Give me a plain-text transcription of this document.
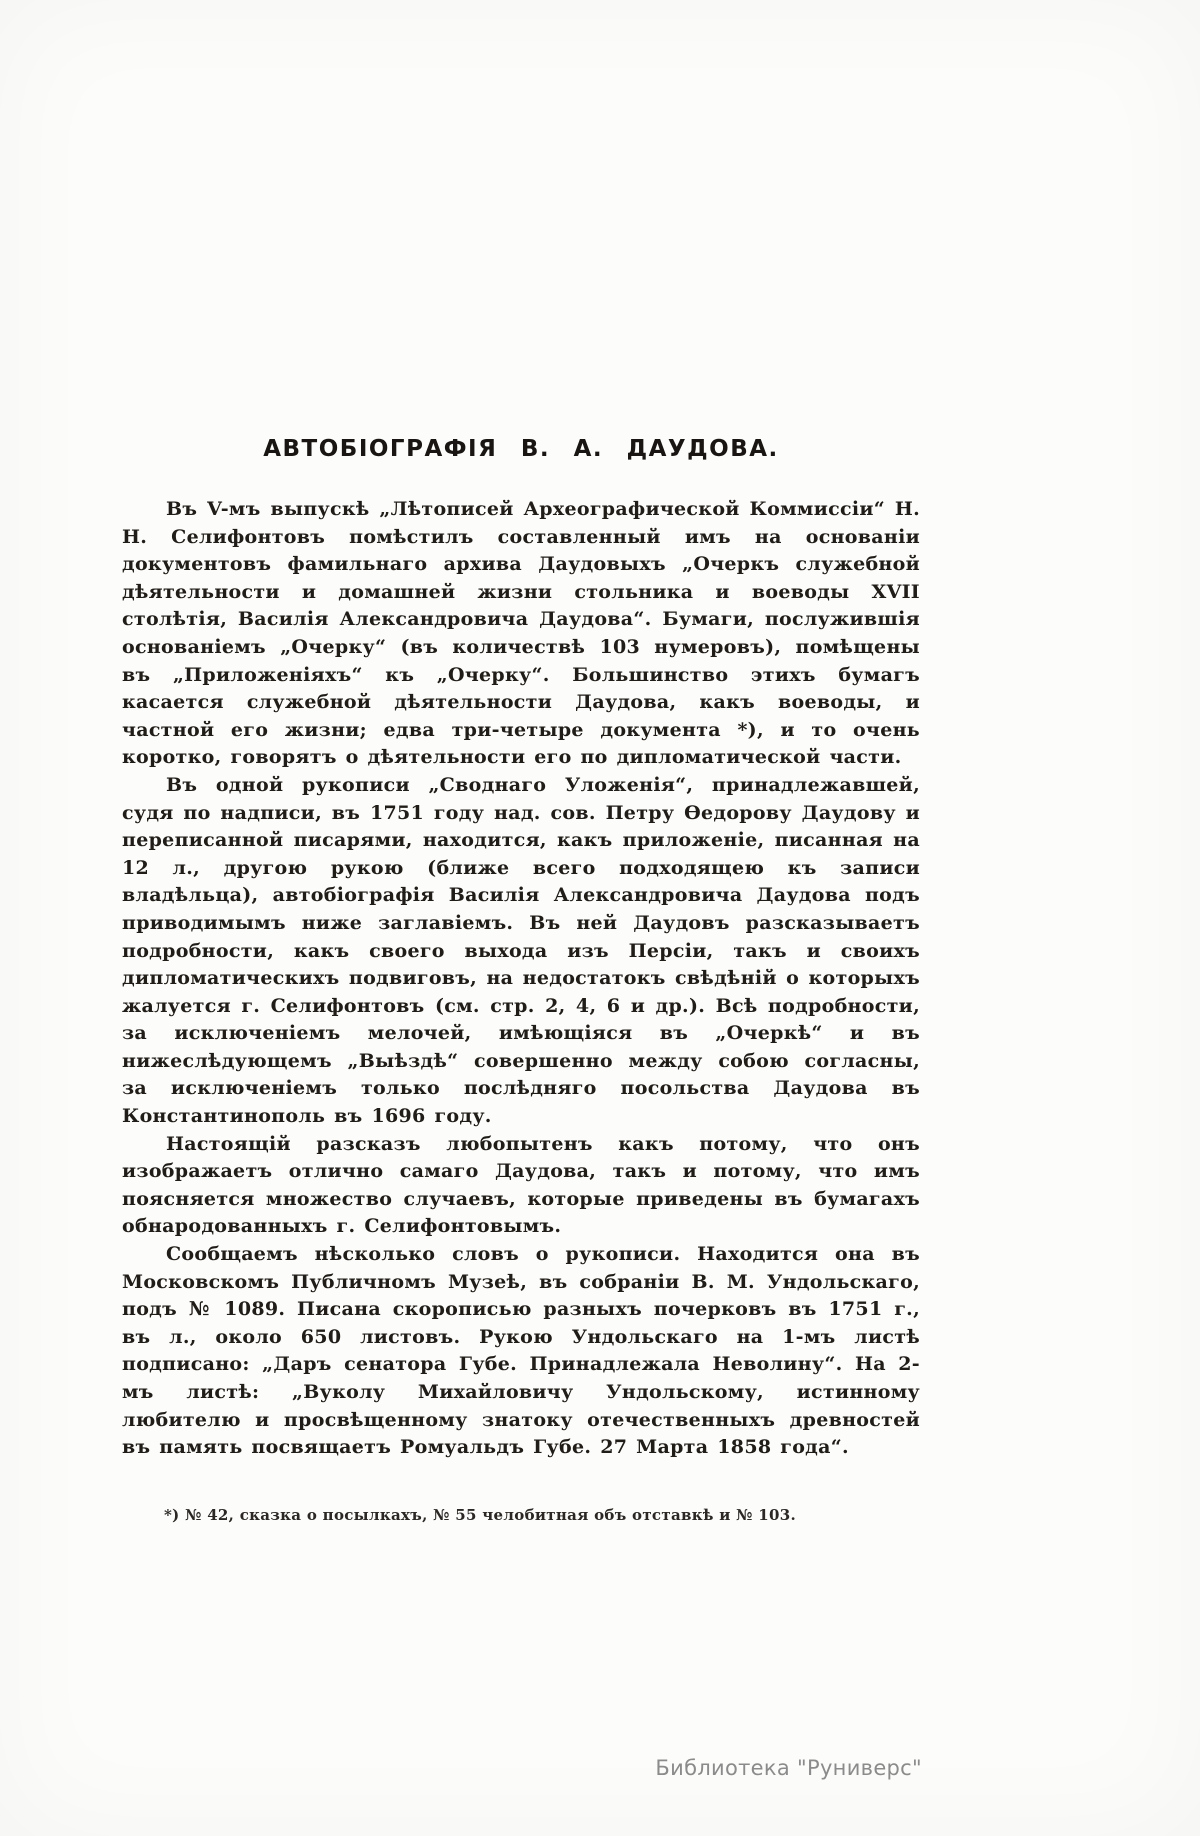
АВТОБІОГРАФІЯ В. А. ДАУДОВА.

Въ V-мъ выпускѣ „Лѣтописей Археографической Коммиссіи“ Н. Н. Селифонтовъ помѣстилъ составленный имъ на основаніи документовъ фамильнаго архива Даудовыхъ „Очеркъ служебной дѣятельности и домашней жизни стольника и воеводы XVII столѣтія, Василія Александровича Даудова“. Бумаги, послужившія основаніемъ „Очерку“ (въ количествѣ 103 нумеровъ), помѣщены въ „Приложеніяхъ“ къ „Очерку“. Большинство этихъ бумагъ касается служебной дѣятельности Даудова, какъ воеводы, и частной его жизни; едва три-четыре документа *), и то очень коротко, говорятъ о дѣятельности его по дипломатической части.

Въ одной рукописи „Своднаго Уложенія“, принадлежавшей, судя по надписи, въ 1751 году над. сов. Петру Ѳедорову Даудову и переписанной писарями, находится, какъ приложеніе, писанная на 12 л., другою рукою (ближе всего подходящею къ записи владѣльца), автобіографія Василія Александровича Даудова подъ приводимымъ ниже заглавіемъ. Въ ней Даудовъ разсказываетъ подробности, какъ своего выхода изъ Персіи, такъ и своихъ дипломатическихъ подвиговъ, на недостатокъ свѣдѣній о которыхъ жалуется г. Селифонтовъ (см. стр. 2, 4, 6 и др.). Всѣ подробности, за исключеніемъ мелочей, имѣющіяся въ „Очеркѣ“ и въ нижеслѣдующемъ „Выѣздѣ“ совершенно между собою согласны, за исключеніемъ только послѣдняго посольства Даудова въ Константинополь въ 1696 году.

Настоящій разсказъ любопытенъ какъ потому, что онъ изображаетъ отлично самаго Даудова, такъ и потому, что имъ поясняется множество случаевъ, которые приведены въ бумагахъ обнародованныхъ г. Селифонтовымъ.

Сообщаемъ нѣсколько словъ о рукописи. Находится она въ Московскомъ Публичномъ Музеѣ, въ собраніи В. М. Ундольскаго, подъ № 1089. Писана скорописью разныхъ почерковъ въ 1751 г., въ л., около 650 листовъ. Рукою Ундольскаго на 1-мъ листѣ подписано: „Даръ сенатора Губе. Принадлежала Неволину“. На 2-мъ листѣ: „Вуколу Михайловичу Ундольскому, истинному любителю и просвѣщенному знатоку отечественныхъ древностей въ память посвящаетъ Ромуальдъ Губе. 27 Марта 1858 года“.

*) № 42, сказка о посылкахъ, № 55 челобитная объ отставкѣ и № 103.
Библиотека "Руниверс"
